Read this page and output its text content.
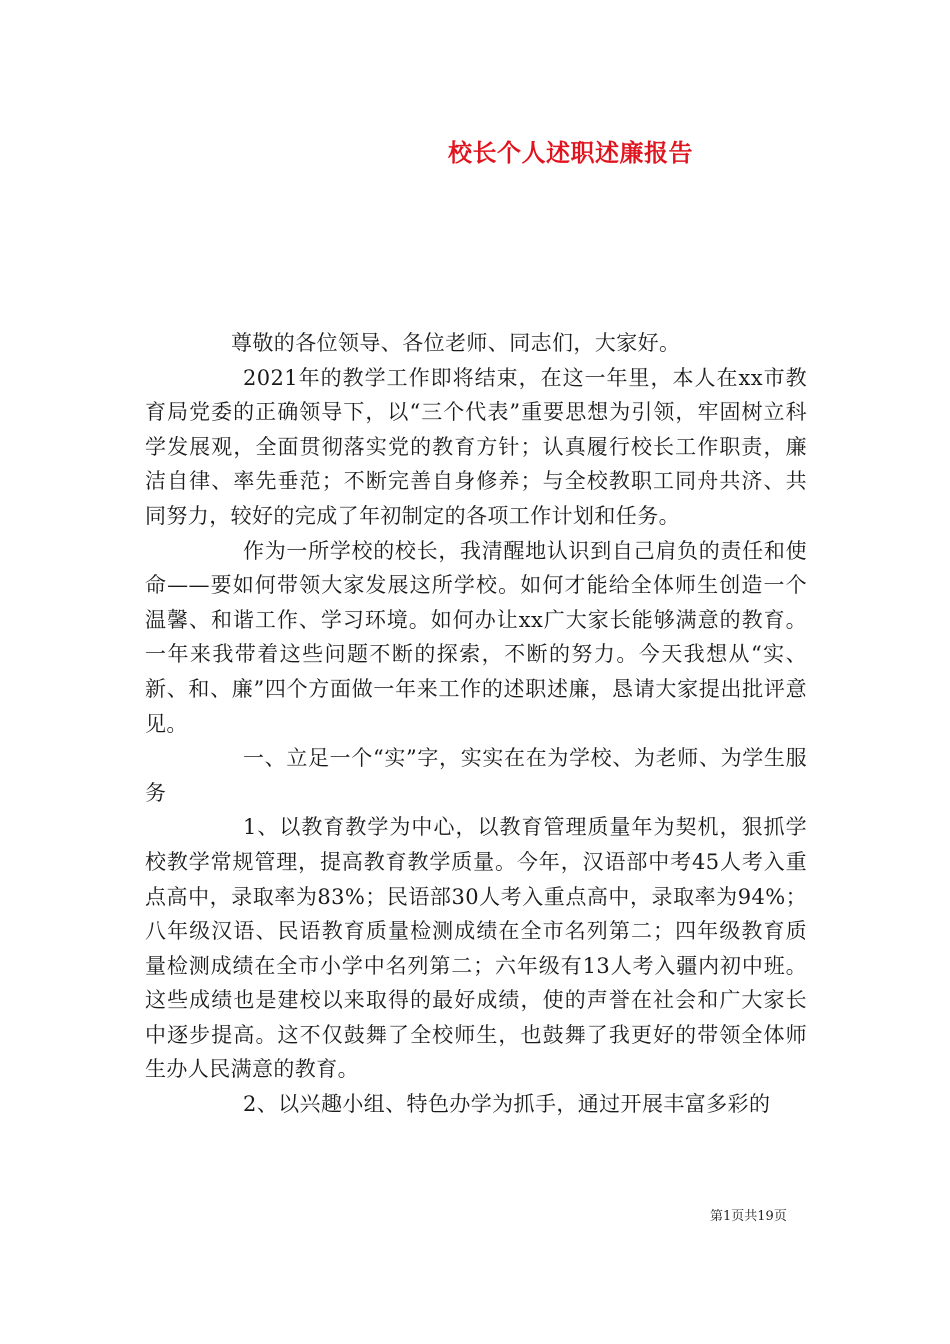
校长个人述职述廉报告

尊敬的各位领导、各位老师、同志们，大家好。

2021年的教学工作即将结束，在这一年里，本人在xx市教育局党委的正确领导下，以“三个代表”重要思想为引领，牢固树立科学发展观，全面贯彻落实党的教育方针；认真履行校长工作职责，廉洁自律、率先垂范；不断完善自身修养；与全校教职工同舟共济、共同努力，较好的完成了年初制定的各项工作计划和任务。

作为一所学校的校长，我清醒地认识到自己肩负的责任和使命——要如何带领大家发展这所学校。如何才能给全体师生创造一个温馨、和谐工作、学习环境。如何办让xx广大家长能够满意的教育。一年来我带着这些问题不断的探索，不断的努力。今天我想从“实、新、和、廉”四个方面做一年来工作的述职述廉，恳请大家提出批评意见。

一、立足一个“实”字，实实在在为学校、为老师、为学生服务

1、以教育教学为中心，以教育管理质量年为契机，狠抓学校教学常规管理，提高教育教学质量。今年，汉语部中考45人考入重点高中，录取率为83%；民语部30人考入重点高中，录取率为94%；八年级汉语、民语教育质量检测成绩在全市名列第二；四年级教育质量检测成绩在全市小学中名列第二；六年级有13人考入疆内初中班。这些成绩也是建校以来取得的最好成绩，使的声誉在社会和广大家长中逐步提高。这不仅鼓舞了全校师生，也鼓舞了我更好的带领全体师生办人民满意的教育。

2、以兴趣小组、特色办学为抓手，通过开展丰富多彩的

第1页共19页
